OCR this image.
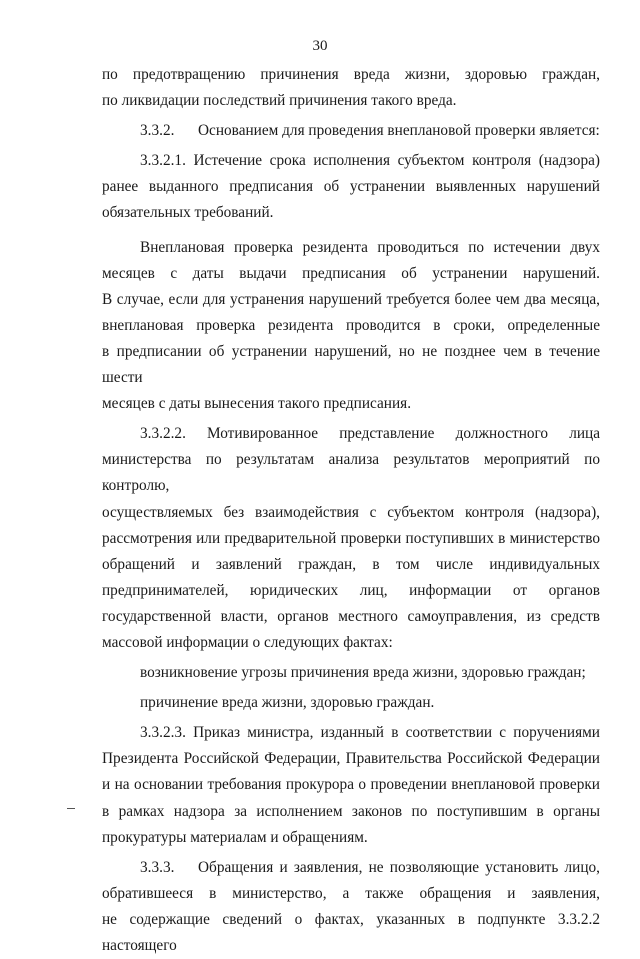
30

по предотвращению причинения вреда жизни, здоровью граждан,

по ликвидации последствий причинения такого вреда.

3.3.2. Основанием для проведения внеплановой проверки является:

3.3.2.1. Истечение срока исполнения субъектом контроля (надзора)

ранее выданного предписания об устранении выявленных нарушений

обязательных требований.

Внеплановая проверка резидента проводиться по истечении двух

месяцев с даты выдачи предписания об устранении нарушений.

В случае, если для устранения нарушений требуется более чем два месяца,

внеплановая проверка резидента проводится в сроки, определенные

в предписании об устранении нарушений, но не позднее чем в течение шести

месяцев с даты вынесения такого предписания.

3.3.2.2. Мотивированное представление должностного лица

министерства по результатам анализа результатов мероприятий по контролю,

осуществляемых без взаимодействия с субъектом контроля (надзора),

рассмотрения или предварительной проверки поступивших в министерство

обращений и заявлений граждан, в том числе индивидуальных

предпринимателей, юридических лиц, информации от органов

государственной власти, органов местного самоуправления, из средств

массовой информации о следующих фактах:

возникновение угрозы причинения вреда жизни, здоровью граждан;

причинение вреда жизни, здоровью граждан.

3.3.2.3. Приказ министра, изданный в соответствии с поручениями

Президента Российской Федерации, Правительства Российской Федерации

и на основании требования прокурора о проведении внеплановой проверки

в рамках надзора за исполнением законов по поступившим в органы

прокуратуры материалам и обращениям.

3.3.3. Обращения и заявления, не позволяющие установить лицо,

обратившееся в министерство, а также обращения и заявления,

не содержащие сведений о фактах, указанных в подпункте 3.3.2.2 настоящего
